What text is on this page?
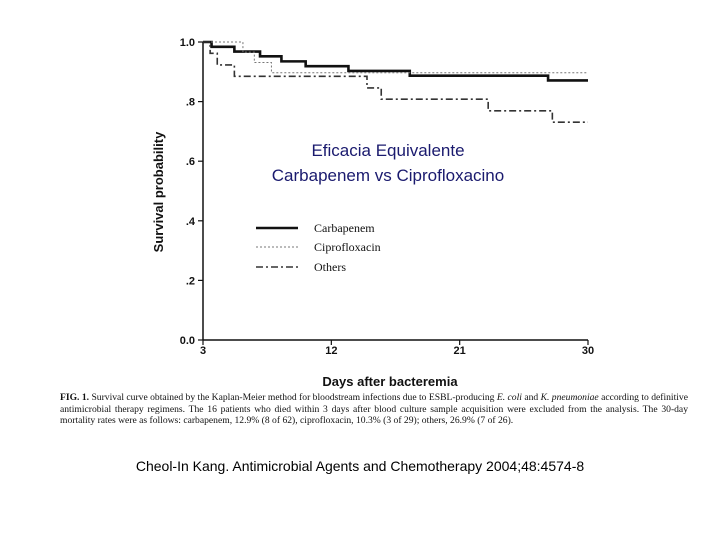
0.0
.2
.4
.6
.8
1.0
3	12	21	30
Survival probability
Days after bacteremia
Eficacia Equivalente
Carbapenem vs Ciprofloxacino
Carbapenem
Ciprofloxacin
Others
FIG. 1. Survival curve obtained by the Kaplan-Meier method for bloodstream infections due to ESBL-producing E. coli and K. pneumoniae according to definitive antimicrobial therapy regimens. The 16 patients who died within 3 days after blood culture sample acquisition were excluded from the analysis. The 30-day mortality rates were as follows: carbapenem, 12.9% (8 of 62), ciprofloxacin, 10.3% (3 of 29); others, 26.9% (7 of 26).
Cheol-In Kang. Antimicrobial Agents and Chemotherapy 2004;48:4574-8
